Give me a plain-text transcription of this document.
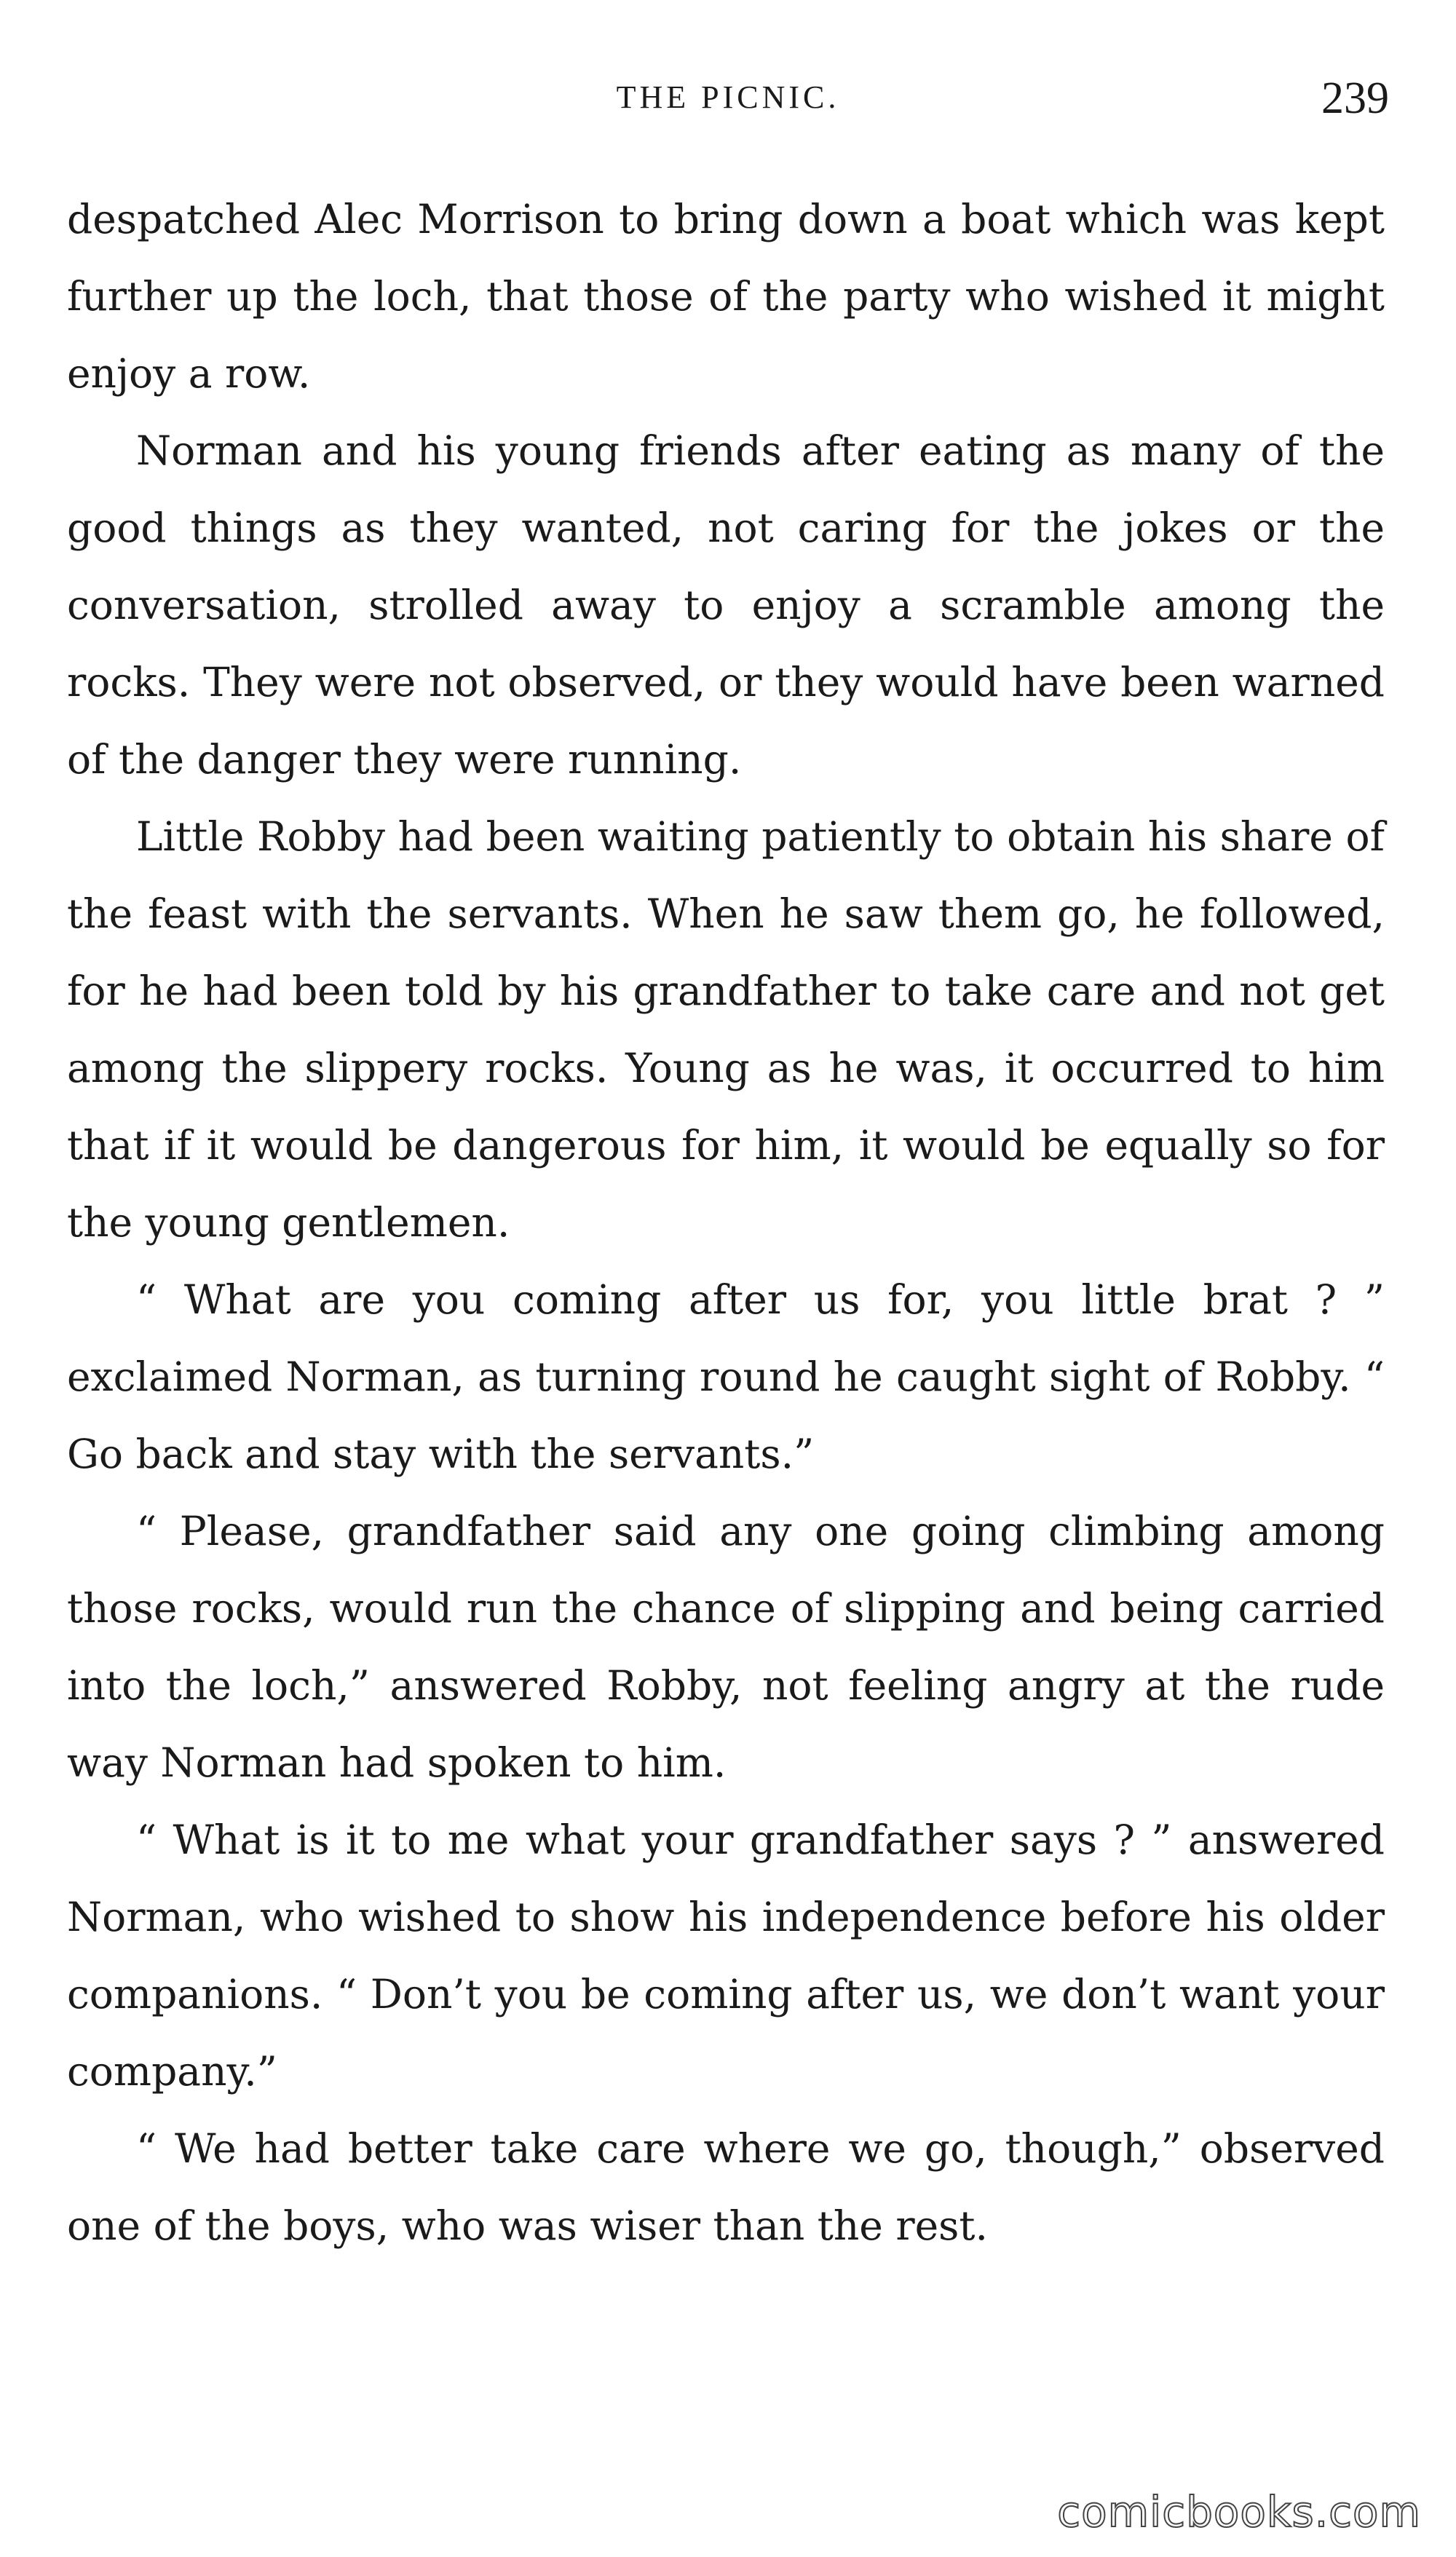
THE PICNIC.	239

despatched Alec Morrison to bring down a boat which was kept further up the loch, that those of the party who wished it might enjoy a row.

Norman and his young friends after eating as many of the good things as they wanted, not caring for the jokes or the conversation, strolled away to enjoy a scramble among the rocks. They were not observed, or they would have been warned of the danger they were running.

Little Robby had been waiting patiently to obtain his share of the feast with the servants. When he saw them go, he followed, for he had been told by his grandfather to take care and not get among the slippery rocks. Young as he was, it occurred to him that if it would be dangerous for him, it would be equally so for the young gentlemen.

“ What are you coming after us for, you little brat ? ” exclaimed Norman, as turning round he caught sight of Robby. “ Go back and stay with the servants.”

“ Please, grandfather said any one going climbing among those rocks, would run the chance of slipping and being carried into the loch,” answered Robby, not feeling angry at the rude way Norman had spoken to him.

“ What is it to me what your grandfather says ? ” answered Norman, who wished to show his independence before his older companions. “ Don’t you be coming after us, we don’t want your company.”

“ We had better take care where we go, though,” observed one of the boys, who was wiser than the rest.

comicbooks.com
